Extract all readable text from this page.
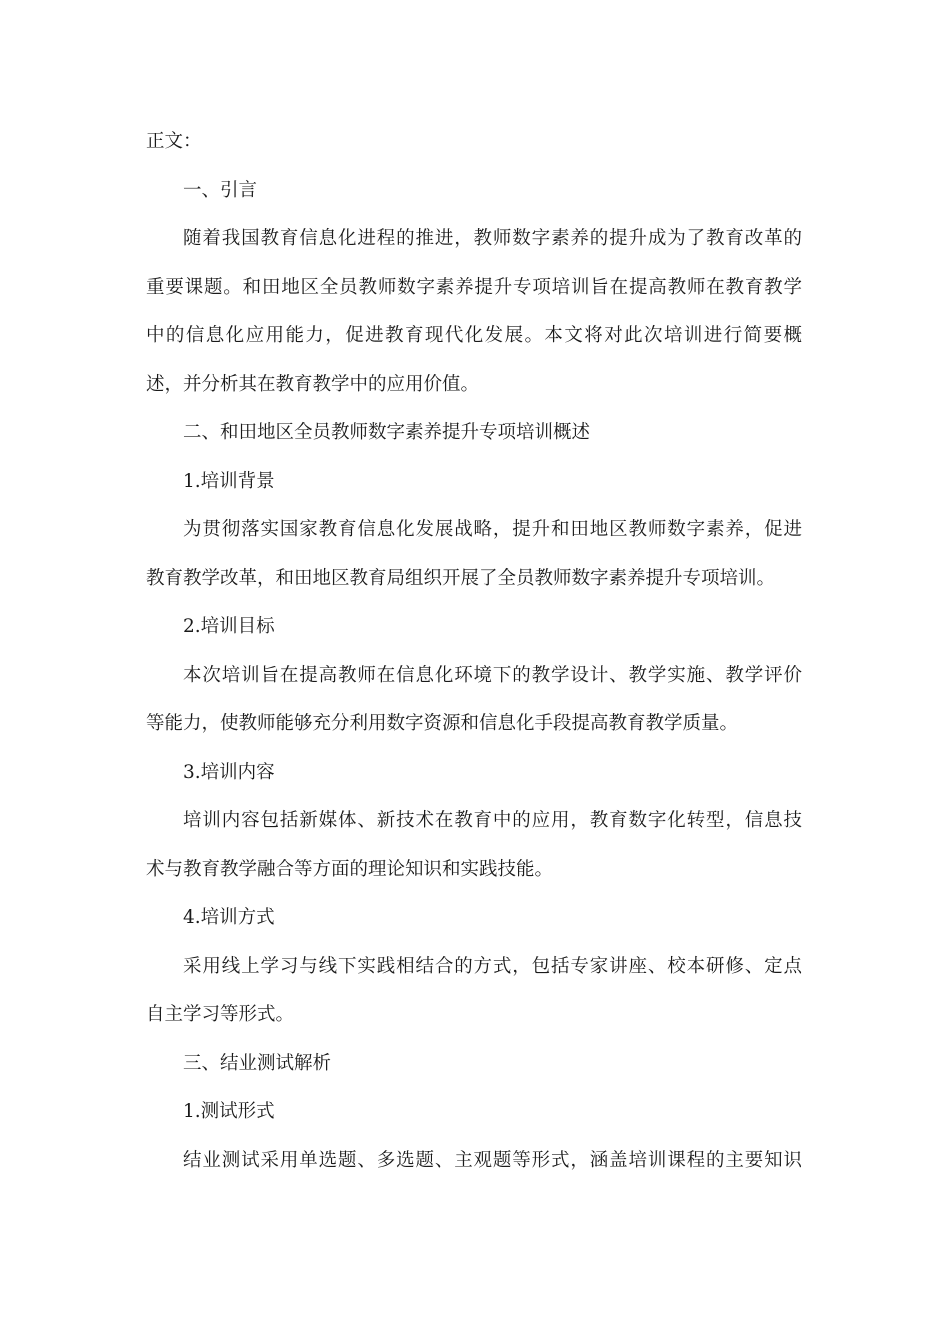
正文：

一、引言

随着我国教育信息化进程的推进，教师数字素养的提升成为了教育改革的

重要课题。和田地区全员教师数字素养提升专项培训旨在提高教师在教育教学

中的信息化应用能力，促进教育现代化发展。本文将对此次培训进行简要概

述，并分析其在教育教学中的应用价值。

二、和田地区全员教师数字素养提升专项培训概述

1.培训背景

为贯彻落实国家教育信息化发展战略，提升和田地区教师数字素养，促进

教育教学改革，和田地区教育局组织开展了全员教师数字素养提升专项培训。

2.培训目标

本次培训旨在提高教师在信息化环境下的教学设计、教学实施、教学评价

等能力，使教师能够充分利用数字资源和信息化手段提高教育教学质量。

3.培训内容

培训内容包括新媒体、新技术在教育中的应用，教育数字化转型，信息技

术与教育教学融合等方面的理论知识和实践技能。

4.培训方式

采用线上学习与线下实践相结合的方式，包括专家讲座、校本研修、定点

自主学习等形式。

三、结业测试解析

1.测试形式

结业测试采用单选题、多选题、主观题等形式，涵盖培训课程的主要知识
